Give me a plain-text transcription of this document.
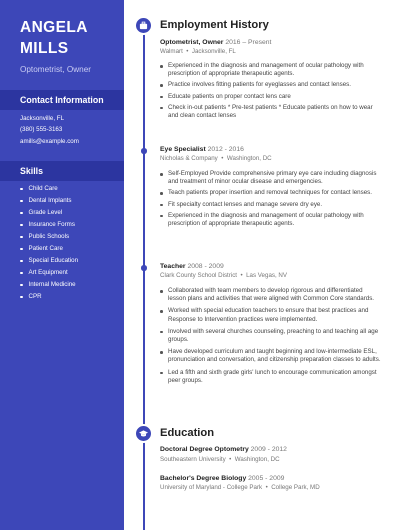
ANGELA
MILLS
Optometrist, Owner
Contact Information
Jacksonville, FL
(380) 555-3163
amills@example.com
Skills
Child Care
Dental Implants
Grade Level
Insurance Forms
Public Schools
Patient Care
Special Education
Art Equipment
Internal Medicine
CPR
Employment History
Optometrist, Owner 2016 – Present
Walmart  •  Jacksonville, FL
Experienced in the diagnosis and management of ocular pathology with prescription of appropriate therapeutic agents.
Practice involves fitting patients for eyeglasses and contact lenses.
Educate patients on proper contact lens care
Check in-out patients * Pre-test patients * Educate patients on how to wear and clean contact lenses
Eye Specialist 2012 - 2016
Nicholas & Company  •  Washington, DC
Self-Employed Provide comprehensive primary eye care including diagnosis and treatment of minor ocular disease and emergencies.
Teach patients proper insertion and removal techniques for contact lenses.
Fit specialty contact lenses and manage severe dry eye.
Experienced in the diagnosis and management of ocular pathology with prescription of appropriate therapeutic agents.
Teacher 2008 - 2009
Clark County School District  •  Las Vegas, NV
Collaborated with team members to develop rigorous and differentiated lesson plans and activities that were aligned with Common Core standards.
Worked with special education teachers to ensure that best practices and Response to Intervention practices were implemented.
Involved with several churches counseling, preaching to and teaching all age groups.
Have developed curriculum and taught beginning and low-intermediate ESL, pronunciation and conversation, and citizenship preparation classes to adults.
Led a fifth and sixth grade girls' lunch to encourage communication amongst peer groups.
Education
Doctoral Degree Optometry 2009 - 2012
Southeastern University  •  Washington, DC
Bachelor's Degree Biology 2005 - 2009
University of Maryland - College Park  •  College Park, MD
